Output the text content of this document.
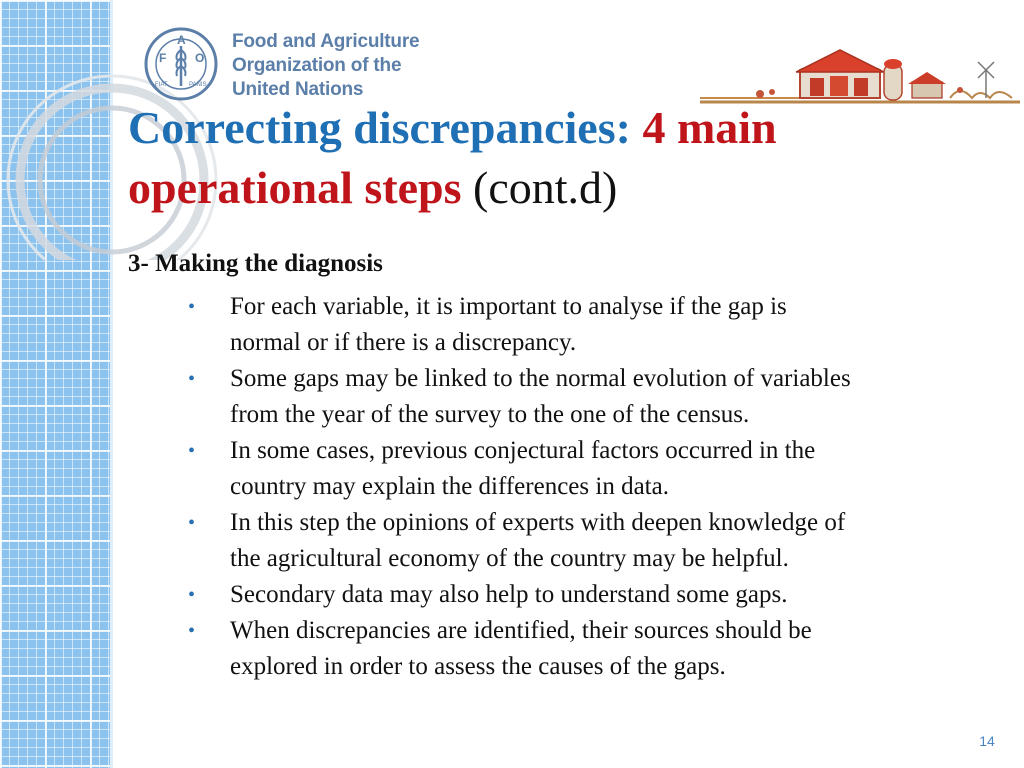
F
A
O
FIAT	PANIS
Food and Agriculture
Organization of the
United Nations
Correcting discrepancies: 4 main
operational steps (cont.d)
3- Making the diagnosis
•	For each variable, it is important to analyse if the gap is
normal or if there is a discrepancy.
•	Some gaps may be linked to the normal evolution of variables
from the year of the survey to the one of the census.
•	In some cases, previous conjectural factors occurred in the
country may explain the differences in data.
•	In this step the opinions of experts with deepen knowledge of
the agricultural economy of the country may be helpful.
•	Secondary data may also help to understand some gaps.
•	When discrepancies are identified, their sources should be
explored in order to assess the causes of the gaps.
14
